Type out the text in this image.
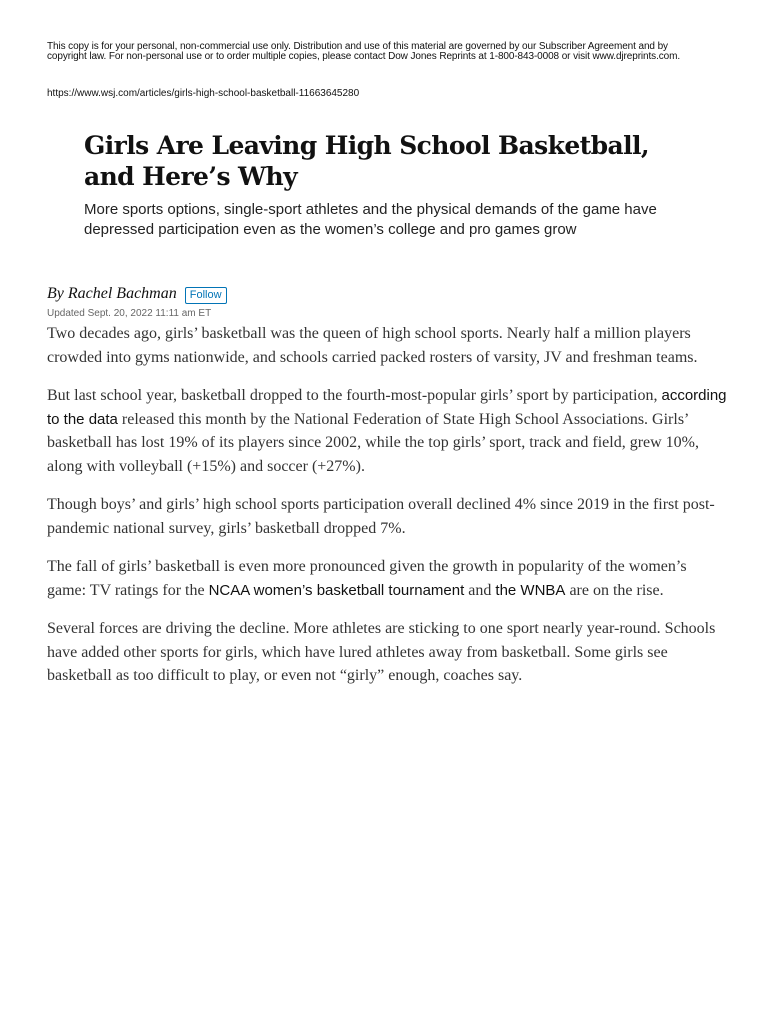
This copy is for your personal, non-commercial use only. Distribution and use of this material are governed by our Subscriber Agreement and by copyright law. For non-personal use or to order multiple copies, please contact Dow Jones Reprints at 1-800-843-0008 or visit www.djreprints.com.
https://www.wsj.com/articles/girls-high-school-basketball-11663645280
Girls Are Leaving High School Basketball, and Here’s Why

More sports options, single-sport athletes and the physical demands of the game have depressed participation even as the women’s college and pro games grow

By Rachel Bachman	Follow
Updated Sept. 20, 2022 11:11 am ET

Two decades ago, girls’ basketball was the queen of high school sports. Nearly half a million players crowded into gyms nationwide, and schools carried packed rosters of varsity, JV and freshman teams.

But last school year, basketball dropped to the fourth-most-popular girls’ sport by participation, according to the data released this month by the National Federation of State High School Associations. Girls’ basketball has lost 19% of its players since 2002, while the top girls’ sport, track and field, grew 10%, along with volleyball (+15%) and soccer (+27%).

Though boys’ and girls’ high school sports participation overall declined 4% since 2019 in the first post-pandemic national survey, girls’ basketball dropped 7%.

The fall of girls’ basketball is even more pronounced given the growth in popularity of the women’s game: TV ratings for the NCAA women’s basketball tournament and the WNBA are on the rise.

Several forces are driving the decline. More athletes are sticking to one sport nearly year-round. Schools have added other sports for girls, which have lured athletes away from basketball. Some girls see basketball as too difficult to play, or even not “girly” enough, coaches say.
